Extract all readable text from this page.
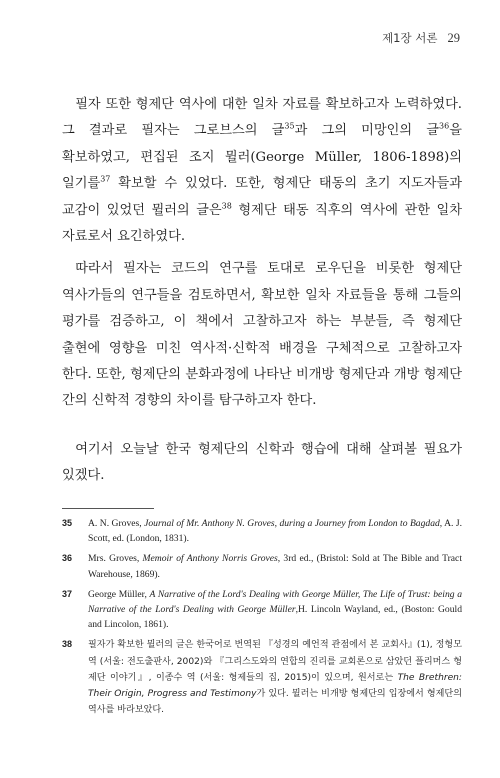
제1장 서론 29

필자 또한 형제단 역사에 대한 일차 자료를 확보하고자 노력하였다. 그 결과로 필자는 그로브스의 글$^{35}$과 그의 미망인의 글$^{36}$을 확보하였고, 편집된 조지 뮐러(George Müller, 1806-1898)의 일기를$^{37}$ 확보할 수 있었다. 또한, 형제단 태동의 초기 지도자들과 교감이 있었던 뮐러의 글은$^{38}$ 형제단 태동 직후의 역사에 관한 일차 자료로서 요긴하였다.

따라서 필자는 코드의 연구를 토대로 로우딘을 비롯한 형제단 역사가들의 연구들을 검토하면서, 확보한 일차 자료들을 통해 그들의 평가를 검증하고, 이 책에서 고찰하고자 하는 부분들, 즉 형제단 출현에 영향을 미친 역사적·신학적 배경을 구체적으로 고찰하고자 한다. 또한, 형제단의 분화과정에 나타난 비개방 형제단과 개방 형제단 간의 신학적 경향의 차이를 탐구하고자 한다.

여기서 오늘날 한국 형제단의 신학과 행습에 대해 살펴볼 필요가 있겠다.

35 A. N. Groves, Journal of Mr. Anthony N. Groves, during a Journey from London to Bagdad, A. J. Scott, ed. (London, 1831).
36 Mrs. Groves, Memoir of Anthony Norris Groves, 3rd ed., (Bristol: Sold at The Bible and Tract Warehouse, 1869).
37 George Müller, A Narrative of the Lord's Dealing with George Müller, The Life of Trust: being a Narrative of the Lord's Dealing with George Müller,H. Lincoln Wayland, ed., (Boston: Gould and Lincolon, 1861).
38 필자가 확보한 뮐러의 글은 한국어로 번역된 『성경의 예언적 관점에서 본 교회사』(1), 정형모 역 (서울: 전도출판사, 2002)와 『그리스도와의 연합의 진리를 교회론으로 삼았던 플리머스 형제단 이야기』, 이종수 역 (서울: 형제들의 집, 2015)이 있으며, 원서로는 The Brethren: Their Origin, Progress and Testimony가 있다. 뮐러는 비개방 형제단의 입장에서 형제단의 역사를 바라보았다.
